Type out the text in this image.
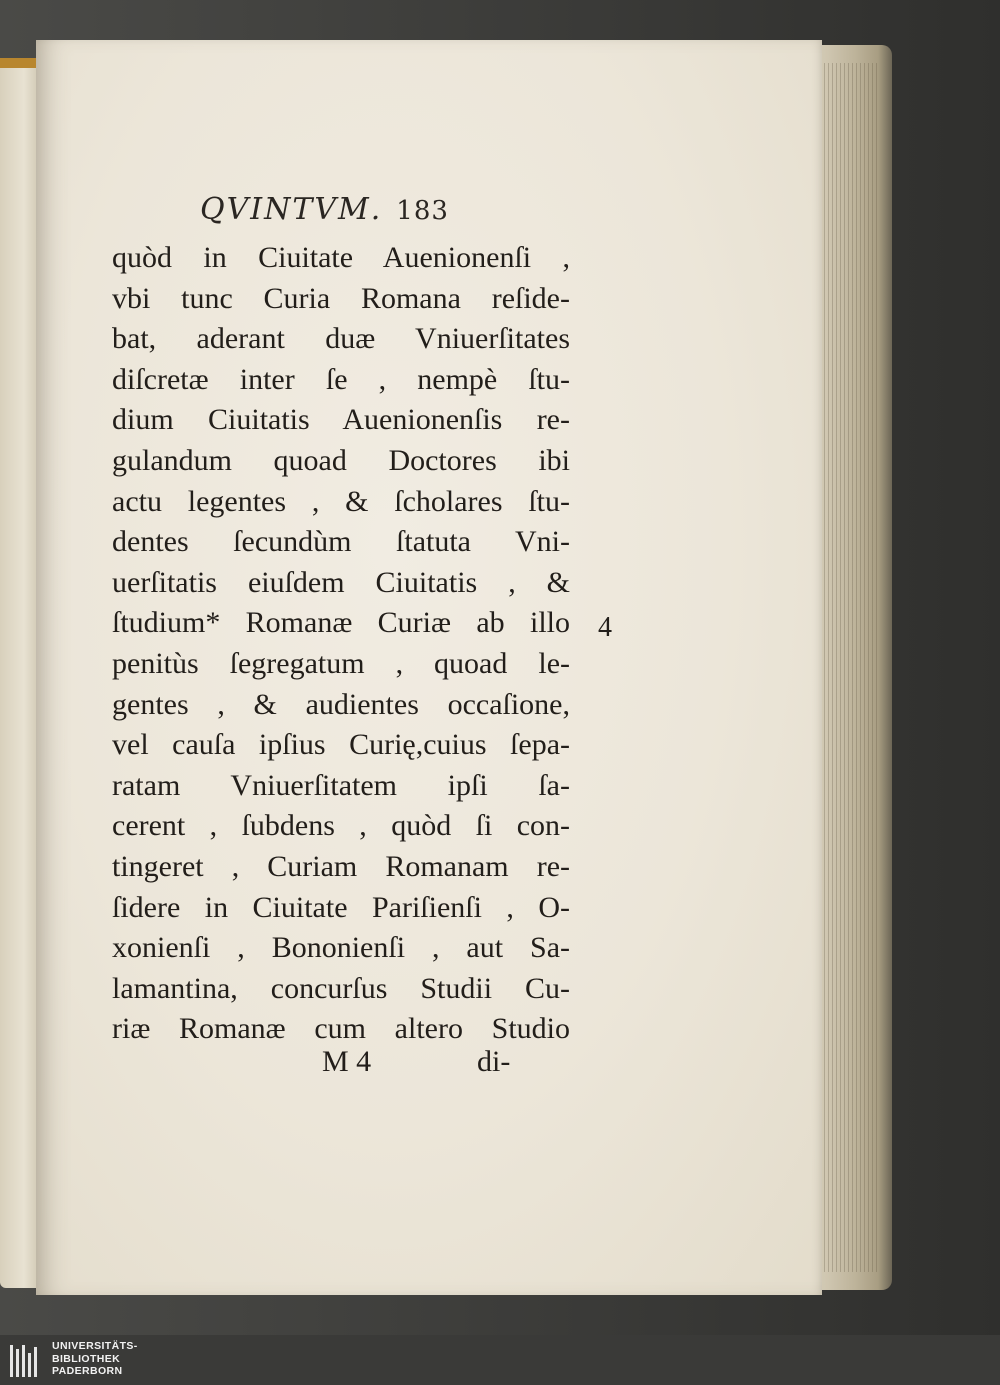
QVINTVM. 183
quòd in Ciuitate Auenionenſi ,
vbi tunc Curia Romana reſide-
bat, aderant duæ Vniuerſitates
diſcretæ inter ſe , nempè ſtu-
dium Ciuitatis Auenionenſis re-
gulandum quoad Doctores ibi
actu legentes , & ſcholares ſtu-
dentes ſecundùm ſtatuta Vni-
uerſitatis eiuſdem Ciuitatis , &
ſtudium* Romanæ Curiæ ab illo
penitùs ſegregatum , quoad le-
gentes , & audientes occaſione,
vel cauſa ipſius Curię,cuius ſepa-
ratam Vniuerſitatem ipſi ſa-
cerent , ſubdens , quòd ſi con-
tingeret , Curiam Romanam re-
ſidere in Ciuitate Pariſienſi , O-
xonienſi , Bononienſi , aut Sa-
lamantina, concurſus Studii Cu-
riæ Romanæ cum altero Studio
4
M 4	di-
UNIVERSITÄTS-
BIBLIOTHEK
PADERBORN
